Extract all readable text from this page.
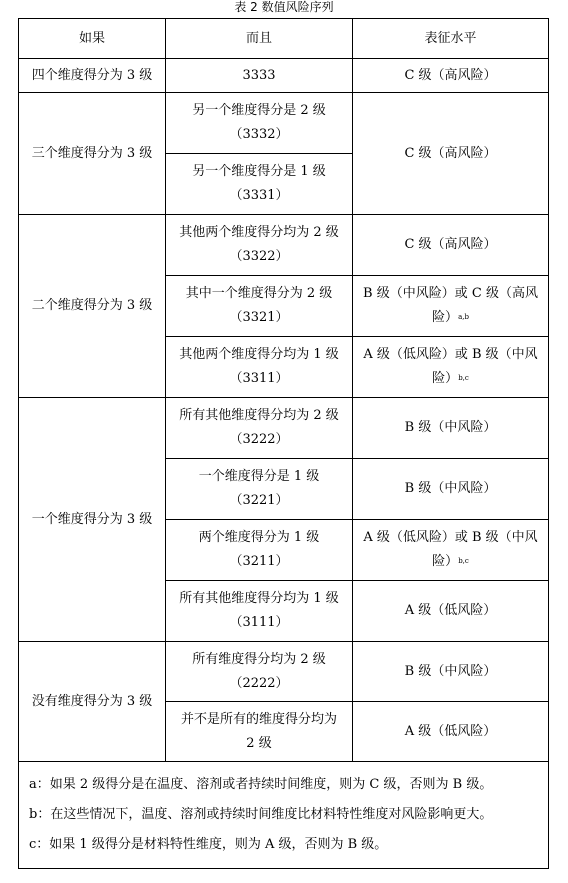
表 2 数值风险序列
如果	而且	表征水平
四个维度得分为 3 级	3333	C 级（高风险）
三个维度得分为 3 级	另一个维度得分是 2 级
（3332）	C 级（高风险）

	另一个维度得分是 1 级
（3331）	

二个维度得分为 3 级	其他两个维度得分均为 2 级
（3322）	C 级（高风险）

	其中一个维度得分为 2 级
（3321）	B 级（中风险）或 C 级（高风
险）a,b

	其他两个维度得分均为 1 级
（3311）	A 级（低风险）或 B 级（中风
险）b,c

一个维度得分为 3 级	所有其他维度得分均为 2 级
（3222）	B 级（中风险）

	一个维度得分是 1 级
（3221）	B 级（中风险）

	两个维度得分为 1 级
（3211）	A 级（低风险）或 B 级（中风
险）b,c

	所有其他维度得分均为 1 级
（3111）	A 级（低风险）
没有维度得分为 3 级	所有维度得分均为 2 级
（2222）	B 级（中风险）

	并不是所有的维度得分均为
2 级	A 级（低风险）

a：如果 2 级得分是在温度、溶剂或者持续时间维度，则为 C 级，否则为 B 级。
b：在这些情况下，温度、溶剂或持续时间维度比材料特性维度对风险影响更大。
c：如果 1 级得分是材料特性维度，则为 A 级，否则为 B 级。		
